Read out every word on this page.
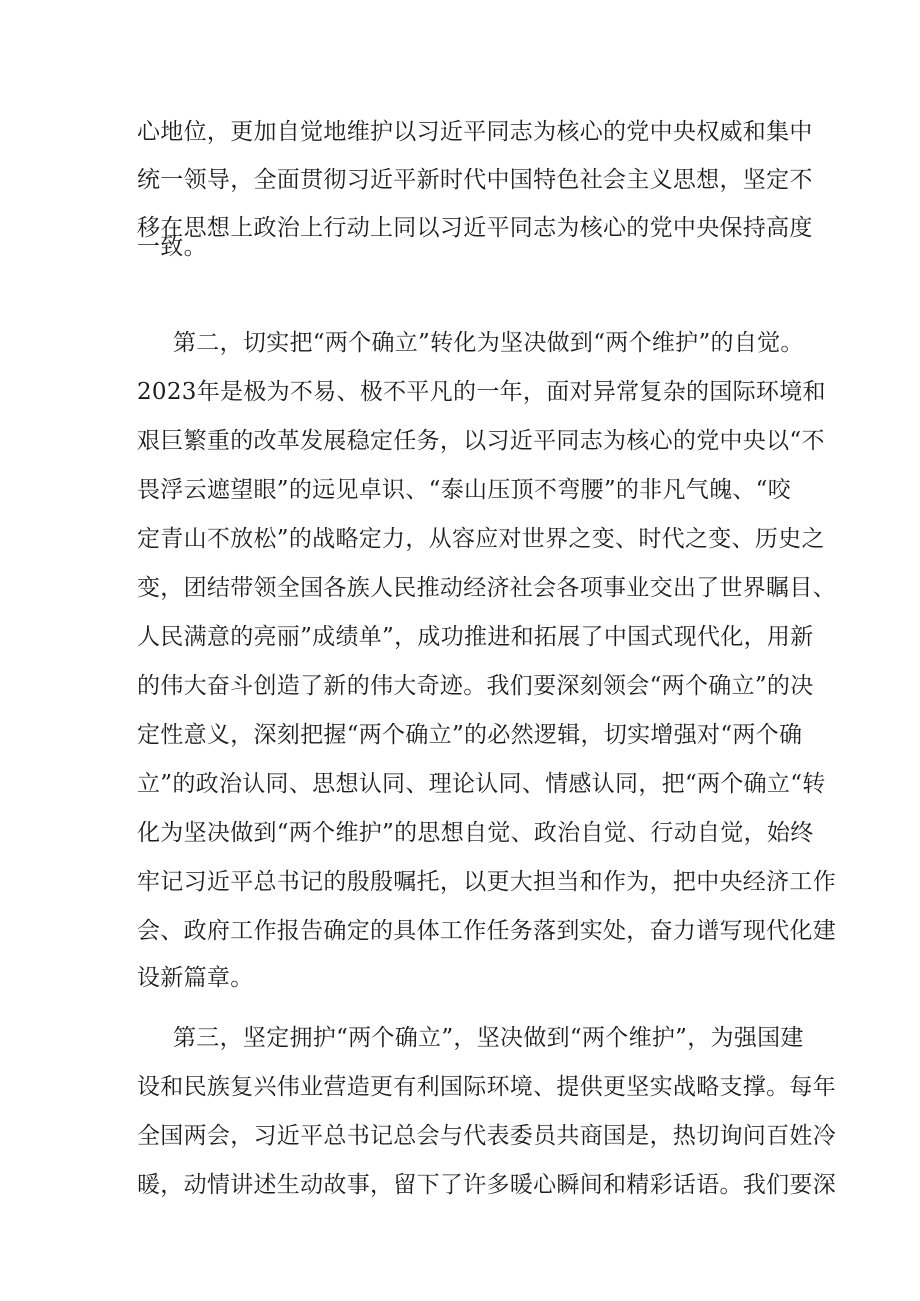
心地位，更加自觉地维护以习近平同志为核心的党中央权威和集中

统一领导，全面贯彻习近平新时代中国特色社会主义思想，坚定不

移在思想上政治上行动上同以习近平同志为核心的党中央保持高度

一致。

第二，切实把“两个确立”转化为坚决做到“两个维护”的自觉。

2023年是极为不易、极不平凡的一年，面对异常复杂的国际环境和

艰巨繁重的改革发展稳定任务，以习近平同志为核心的党中央以“不

畏浮云遮望眼”的远见卓识、“泰山压顶不弯腰”的非凡气魄、“咬

定青山不放松”的战略定力，从容应对世界之变、时代之变、历史之

变，团结带领全国各族人民推动经济社会各项事业交出了世界瞩目、

人民满意的亮丽”成绩单”，成功推进和拓展了中国式现代化，用新

的伟大奋斗创造了新的伟大奇迹。我们要深刻领会“两个确立”的决

定性意义，深刻把握“两个确立”的必然逻辑，切实增强对“两个确

立”的政治认同、思想认同、理论认同、情感认同，把“两个确立“转

化为坚决做到“两个维护”的思想自觉、政治自觉、行动自觉，始终

牢记习近平总书记的殷殷嘱托，以更大担当和作为，把中央经济工作

会、政府工作报告确定的具体工作任务落到实处，奋力谱写现代化建

设新篇章。

第三，坚定拥护“两个确立”，坚决做到“两个维护”，为强国建

设和民族复兴伟业营造更有利国际环境、提供更坚实战略支撑。每年

全国两会，习近平总书记总会与代表委员共商国是，热切询问百姓冷

暖，动情讲述生动故事，留下了许多暖心瞬间和精彩话语。我们要深
